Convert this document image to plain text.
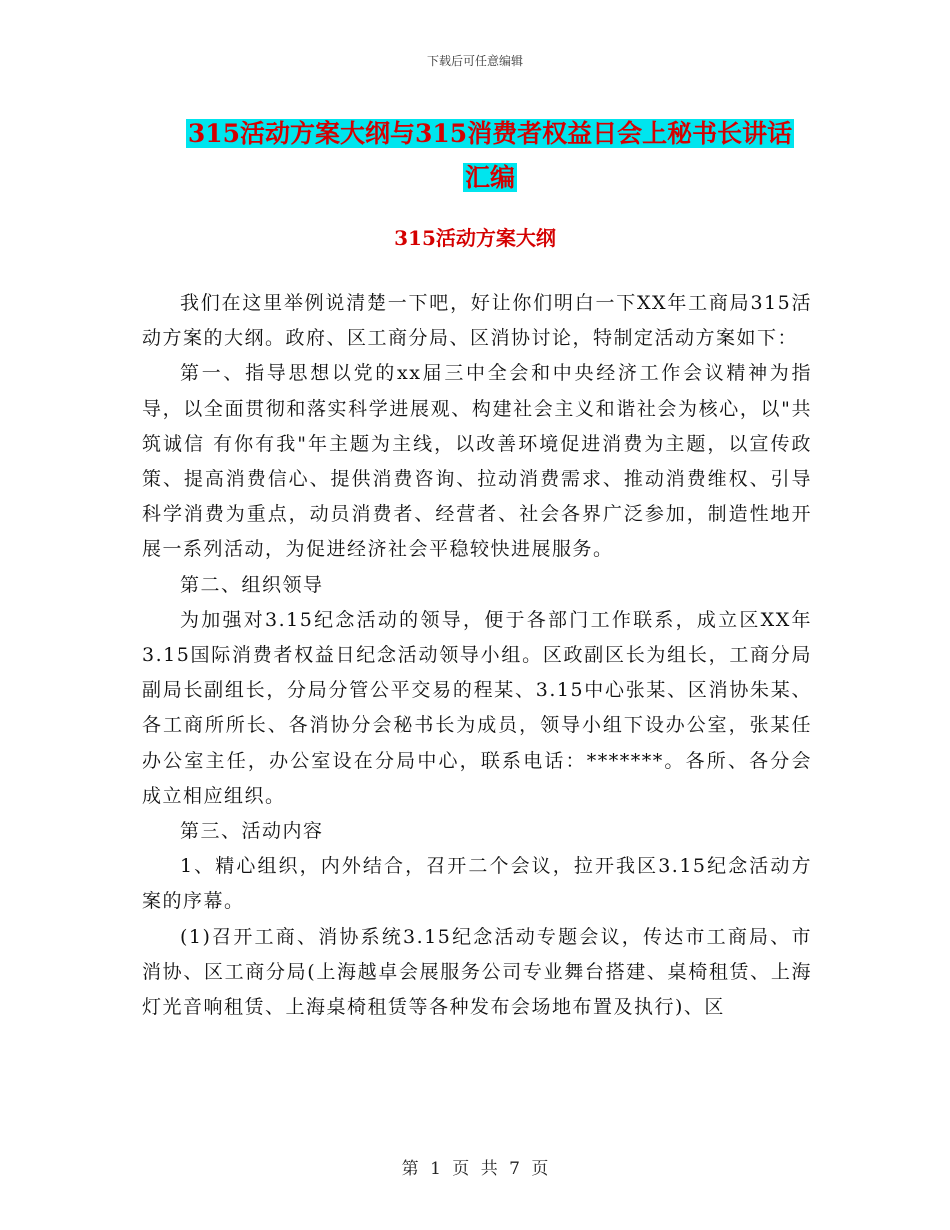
下载后可任意编辑
315活动方案大纲与315消费者权益日会上秘书长讲话
汇编
315活动方案大纲

我们在这里举例说清楚一下吧，好让你们明白一下XX年工商局315活动方案的大纲。政府、区工商分局、区消协讨论，特制定活动方案如下：

第一、指导思想以党的xx届三中全会和中央经济工作会议精神为指导，以全面贯彻和落实科学进展观、构建社会主义和谐社会为核心，以"共筑诚信 有你有我"年主题为主线，以改善环境促进消费为主题，以宣传政策、提高消费信心、提供消费咨询、拉动消费需求、推动消费维权、引导科学消费为重点，动员消费者、经营者、社会各界广泛参加，制造性地开展一系列活动，为促进经济社会平稳较快进展服务。

第二、组织领导

为加强对3.15纪念活动的领导，便于各部门工作联系，成立区XX年3.15国际消费者权益日纪念活动领导小组。区政副区长为组长，工商分局副局长副组长，分局分管公平交易的程某、3.15中心张某、区消协朱某、各工商所所长、各消协分会秘书长为成员，领导小组下设办公室，张某任办公室主任，办公室设在分局中心，联系电话：*******。各所、各分会成立相应组织。

第三、活动内容

1、精心组织，内外结合，召开二个会议，拉开我区3.15纪念活动方案的序幕。

(1)召开工商、消协系统3.15纪念活动专题会议，传达市工商局、市消协、区工商分局(上海越卓会展服务公司专业舞台搭建、桌椅租赁、上海灯光音响租赁、上海桌椅租赁等各种发布会场地布置及执行)、区

第 1 页 共 7 页
